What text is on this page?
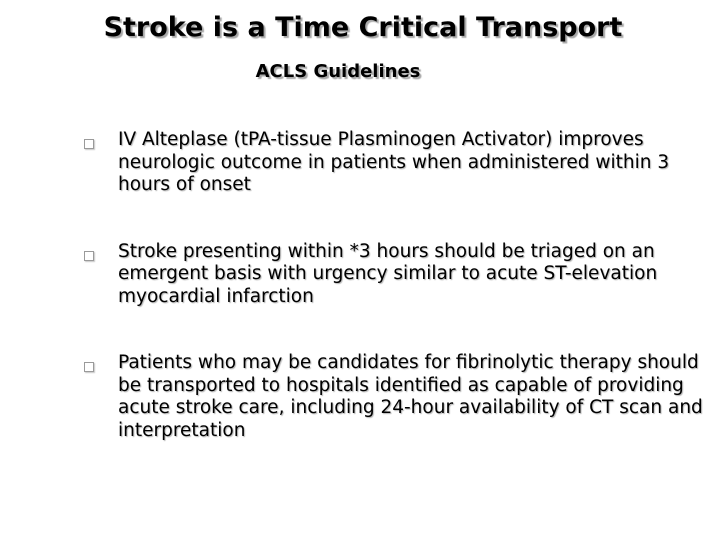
Stroke is a Time Critical Transport
ACLS Guidelines
IV Alteplase (tPA-tissue Plasminogen Activator) improves neurologic outcome in patients when administered within 3 hours of onset
Stroke presenting within *3 hours should be triaged on an emergent basis with urgency similar to acute ST-elevation myocardial infarction
Patients who may be candidates for fibrinolytic therapy should be transported to hospitals identified as capable of providing acute stroke care, including 24-hour availability of CT scan and interpretation
